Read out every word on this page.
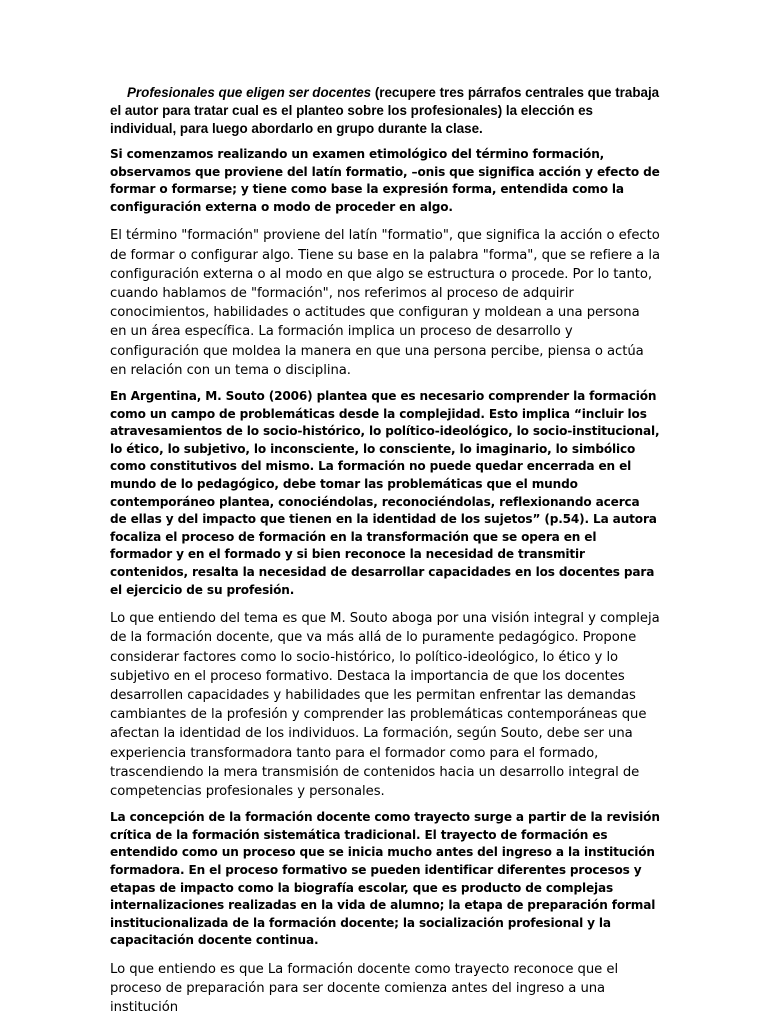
Profesionales que eligen ser docentes (recupere tres párrafos centrales que trabaja el autor para tratar cual es el planteo sobre los profesionales) la elección es individual, para luego abordarlo en grupo durante la clase.

Si comenzamos realizando un examen etimológico del término formación, observamos que proviene del latín formatio, –onis que significa acción y efecto de formar o formarse; y tiene como base la expresión forma, entendida como la configuración externa o modo de proceder en algo.

El término "formación" proviene del latín "formatio", que significa la acción o efecto de formar o configurar algo. Tiene su base en la palabra "forma", que se refiere a la configuración externa o al modo en que algo se estructura o procede. Por lo tanto, cuando hablamos de "formación", nos referimos al proceso de adquirir conocimientos, habilidades o actitudes que configuran y moldean a una persona en un área específica. La formación implica un proceso de desarrollo y configuración que moldea la manera en que una persona percibe, piensa o actúa en relación con un tema o disciplina.

En Argentina, M. Souto (2006) plantea que es necesario comprender la formación como un campo de problemáticas desde la complejidad. Esto implica “incluir los atravesamientos de lo socio-histórico, lo político-ideológico, lo socio-institucional, lo ético, lo subjetivo, lo inconsciente, lo consciente, lo imaginario, lo simbólico como constitutivos del mismo. La formación no puede quedar encerrada en el mundo de lo pedagógico, debe tomar las problemáticas que el mundo contemporáneo plantea, conociéndolas, reconociéndolas, reflexionando acerca de ellas y del impacto que tienen en la identidad de los sujetos” (p.54). La autora focaliza el proceso de formación en la transformación que se opera en el formador y en el formado y si bien reconoce la necesidad de transmitir contenidos, resalta la necesidad de desarrollar capacidades en los docentes para el ejercicio de su profesión.

Lo que entiendo del tema es que M. Souto aboga por una visión integral y compleja de la formación docente, que va más allá de lo puramente pedagógico. Propone considerar factores como lo socio-histórico, lo político-ideológico, lo ético y lo subjetivo en el proceso formativo. Destaca la importancia de que los docentes desarrollen capacidades y habilidades que les permitan enfrentar las demandas cambiantes de la profesión y comprender las problemáticas contemporáneas que afectan la identidad de los individuos. La formación, según Souto, debe ser una experiencia transformadora tanto para el formador como para el formado, trascendiendo la mera transmisión de contenidos hacia un desarrollo integral de competencias profesionales y personales.

La concepción de la formación docente como trayecto surge a partir de la revisión crítica de la formación sistemática tradicional. El trayecto de formación es entendido como un proceso que se inicia mucho antes del ingreso a la institución formadora. En el proceso formativo se pueden identificar diferentes procesos y etapas de impacto como la biografía escolar, que es producto de complejas internalizaciones realizadas en la vida de alumno; la etapa de preparación formal institucionalizada de la formación docente; la socialización profesional y la capacitación docente continua.

Lo que entiendo es que La formación docente como trayecto reconoce que el proceso de preparación para ser docente comienza antes del ingreso a una institución
